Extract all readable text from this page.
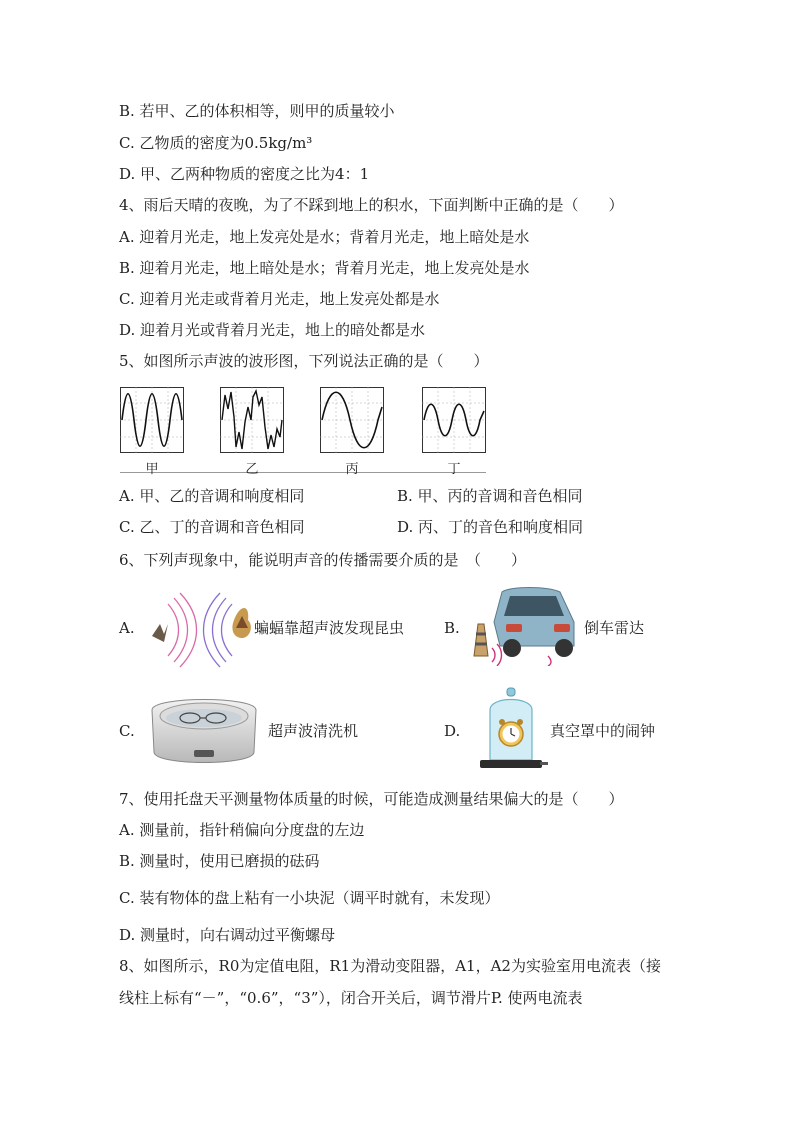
B. 若甲、乙的体积相等，则甲的质量较小
C. 乙物质的密度为0.5kg/m³
D. 甲、乙两种物质的密度之比为4：1
4、雨后天晴的夜晚，为了不踩到地上的积水，下面判断中正确的是（　　）
A. 迎着月光走，地上发亮处是水；背着月光走，地上暗处是水
B. 迎着月光走，地上暗处是水；背着月光走，地上发亮处是水
C. 迎着月光走或背着月光走，地上发亮处都是水
D. 迎着月光或背着月光走，地上的暗处都是水
5、如图所示声波的波形图，下列说法正确的是（　　）
甲	乙	丙	丁
A. 甲、乙的音调和响度相同	B. 甲、丙的音调和音色相同
C. 乙、丁的音调和音色相同	D. 丙、丁的音色和响度相同
6、下列声现象中，能说明声音的传播需要介质的是　（　　）
A.	蝙蝠靠超声波发现昆虫	B.	倒车雷达
C.	超声波清洗机	D.	真空罩中的闹钟
7、使用托盘天平测量物体质量的时候，可能造成测量结果偏大的是（　　）
A. 测量前，指针稍偏向分度盘的左边
B. 测量时，使用已磨损的砝码
C. 装有物体的盘上粘有一小块泥（调平时就有，未发现）
D. 测量时，向右调动过平衡螺母
8、如图所示，R0为定值电阻，R1为滑动变阻器，A1，A2为实验室用电流表（接
线柱上标有“－”，“0.6”，“3”），闭合开关后，调节滑片P. 使两电流表
